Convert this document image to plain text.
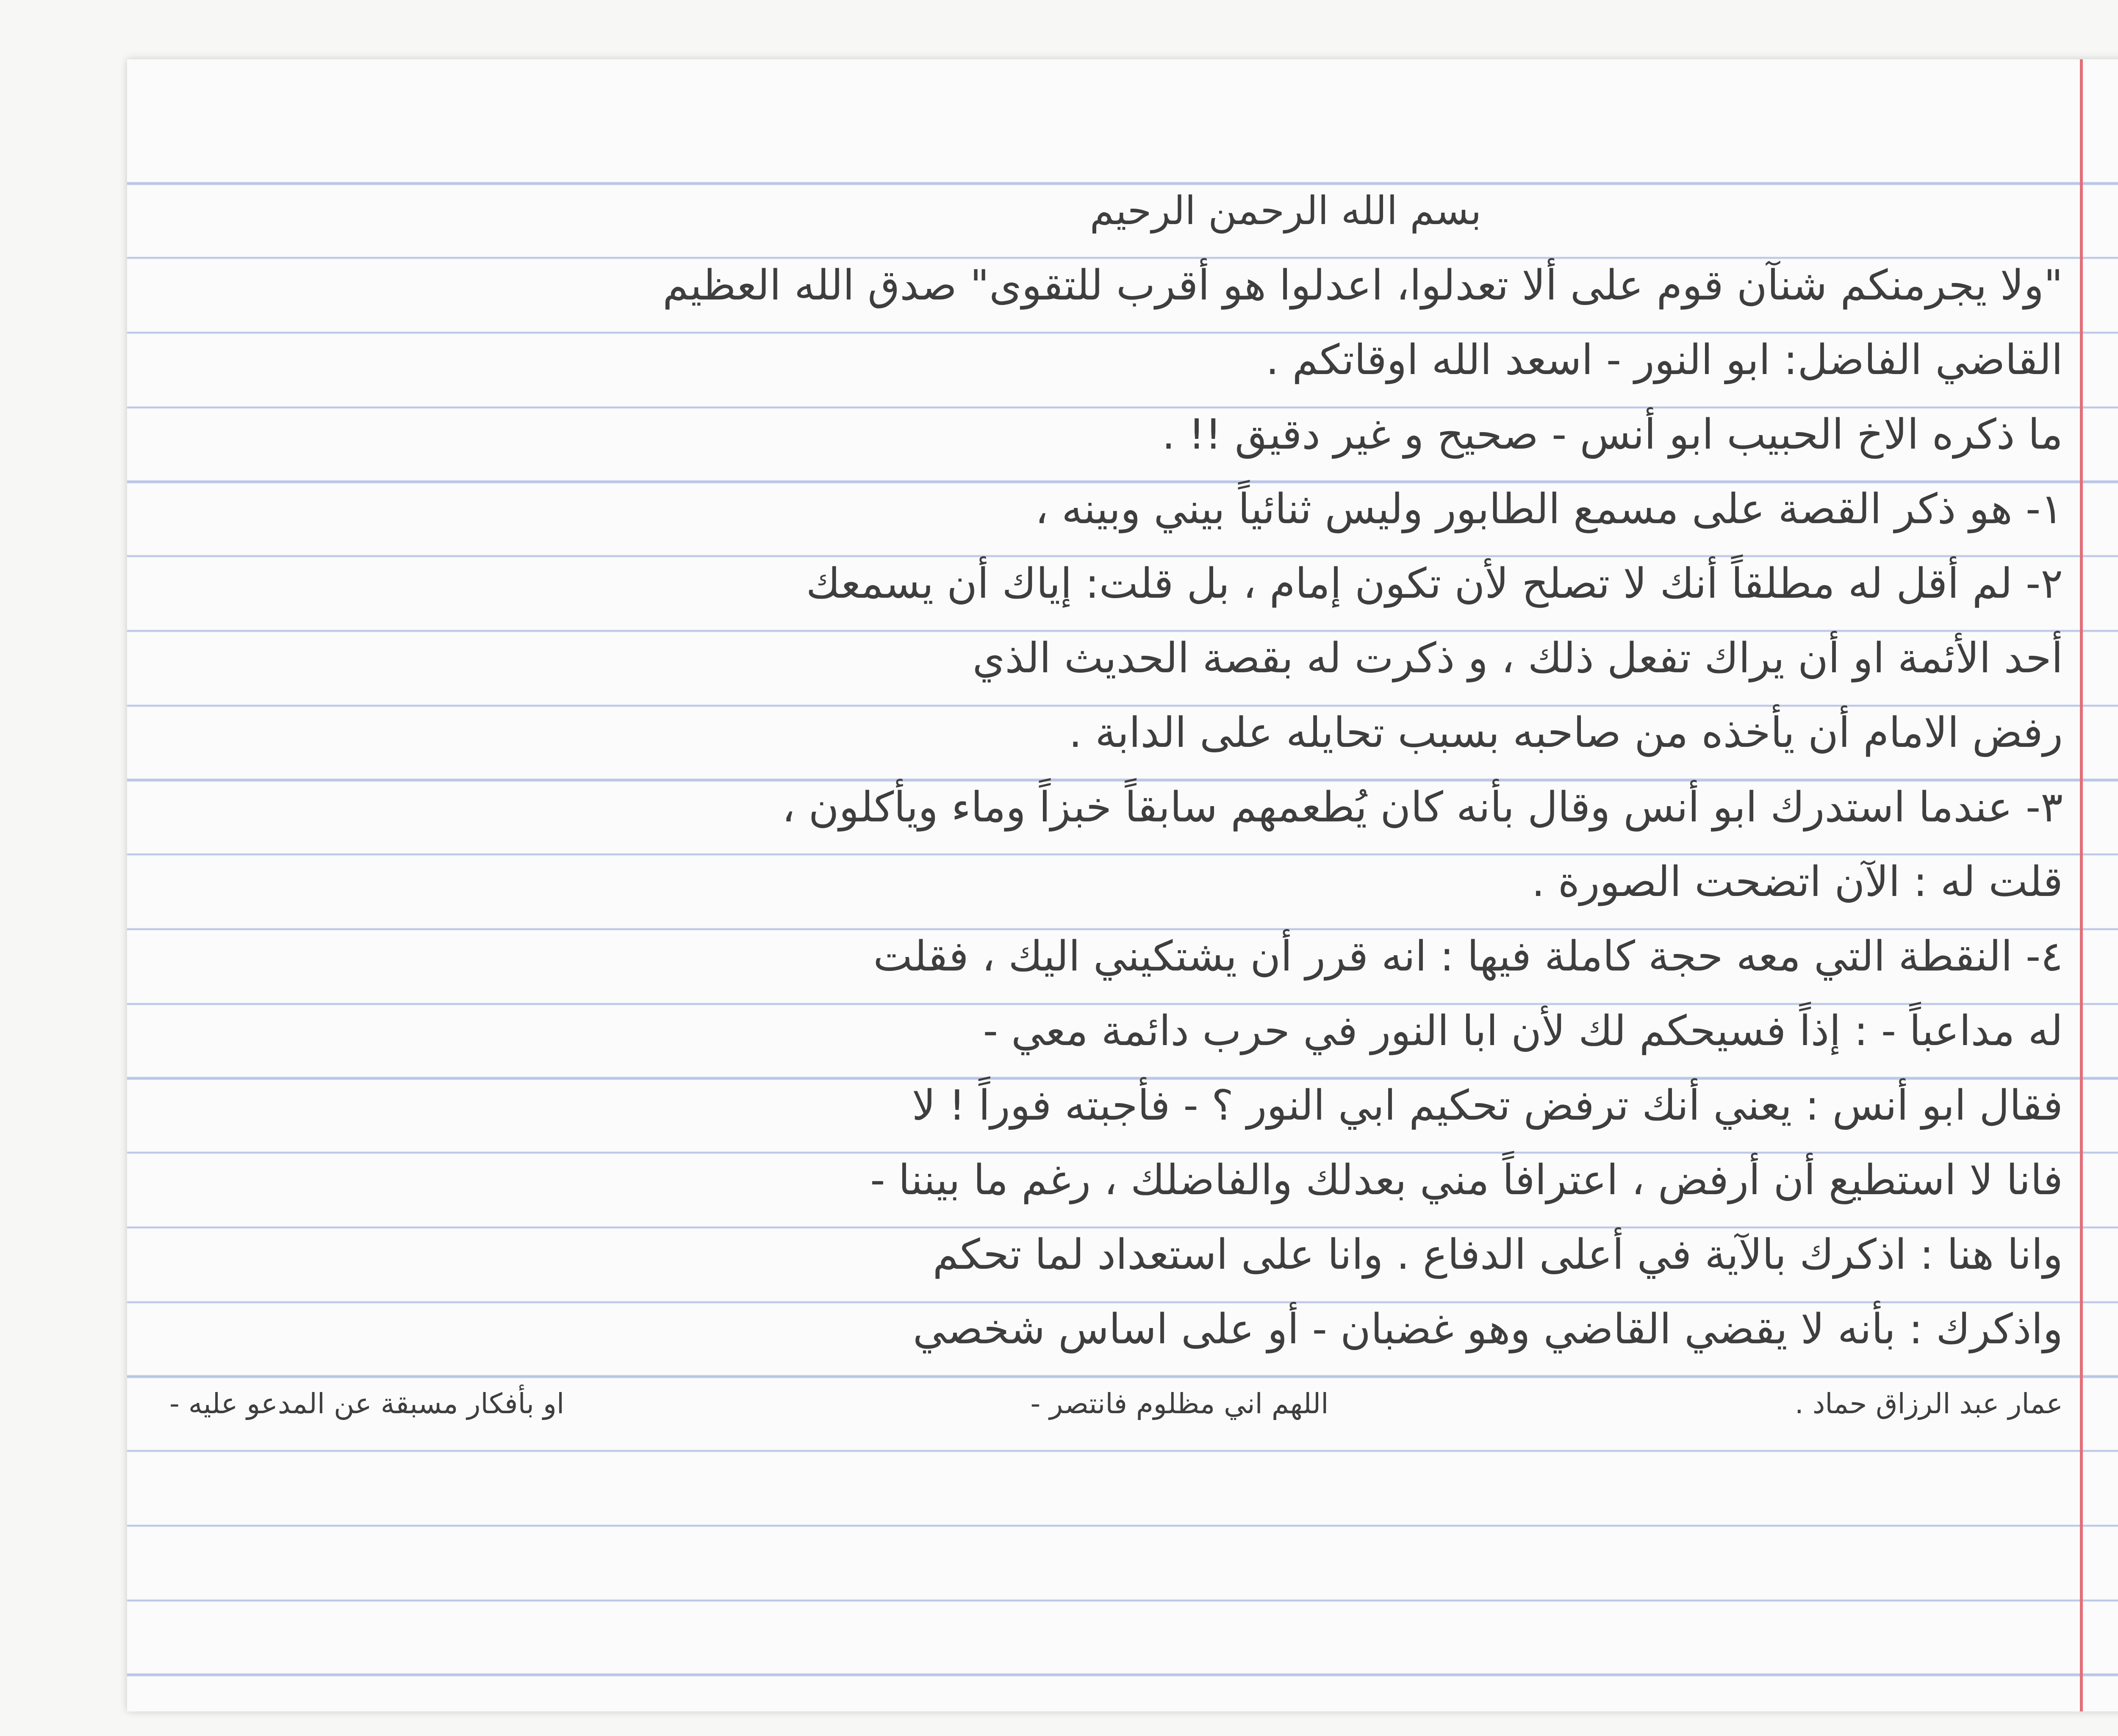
بسم الله الرحمن الرحيم
"ولا يجرمنكم شنآن قوم على ألا تعدلوا، اعدلوا هو أقرب للتقوى" صدق الله العظيم
القاضي الفاضل: ابو النور - اسعد الله اوقاتكم .
ما ذكره الاخ الحبيب ابو أنس - صحيح و غير دقيق !! .
١- هو ذكر القصة على مسمع الطابور وليس ثنائياً بيني وبينه ،
٢- لم أقل له مطلقاً أنك لا تصلح لأن تكون إمام ، بل قلت: إياك أن يسمعك
أحد الأئمة او أن يراك تفعل ذلك ، و ذكرت له بقصة الحديث الذي
رفض الامام أن يأخذه من صاحبه بسبب تحايله على الدابة .
٣- عندما استدرك ابو أنس وقال بأنه كان يُطعمهم سابقاً خبزاً وماء ويأكلون ،
قلت له : الآن اتضحت الصورة .
٤- النقطة التي معه حجة كاملة فيها : انه قرر أن يشتكيني اليك ، فقلت
له مداعباً - : إذاً فسيحكم لك لأن ابا النور في حرب دائمة معي -
فقال ابو أنس : يعني أنك ترفض تحكيم ابي النور ؟ - فأجبته فوراً ! لا
فانا لا استطيع أن أرفض ، اعترافاً مني بعدلك والفاضلك ، رغم ما بيننا -
وانا هنا : اذكرك بالآية في أعلى الدفاع . وانا على استعداد لما تحكم
واذكرك : بأنه لا يقضي القاضي وهو غضبان - أو على اساس شخصي
او بأفكار مسبقة عن المدعو عليه -	اللهم اني مظلوم فانتصر -	عمار عبد الرزاق حماد .
